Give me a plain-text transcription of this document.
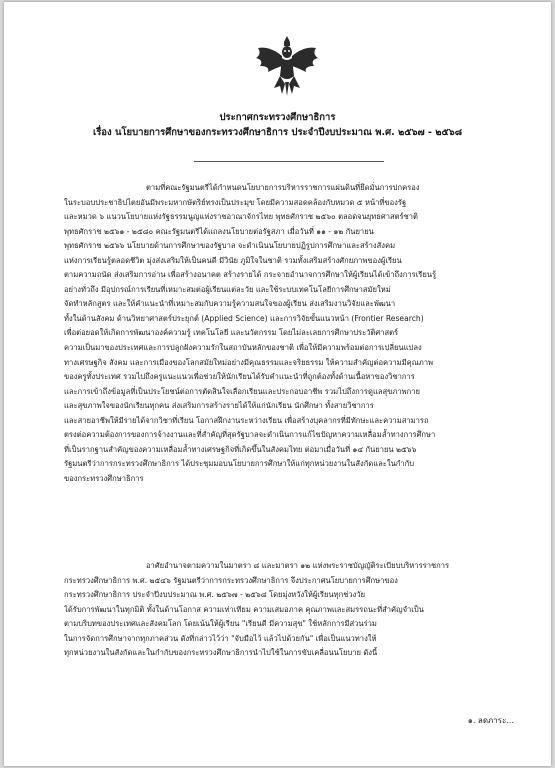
ประกาศกระทรวงศึกษาธิการ
เรื่อง นโยบายการศึกษาของกระทรวงศึกษาธิการ ประจำปีงบประมาณ พ.ศ. ๒๕๖๗ - ๒๕๖๘
ตามที่คณะรัฐมนตรีได้กำหนดนโยบายการบริหารราชการแผ่นดินที่ยึดมั่นการปกครอง
ในระบอบประชาธิปไตยอันมีพระมหากษัตริย์ทรงเป็นประมุข โดยมีความสอดคล้องกับหมวด ๕ หน้าที่ของรัฐ
และหมวด ๖ แนวนโยบายแห่งรัฐธรรมนูญแห่งราชอาณาจักรไทย พุทธศักราช ๒๕๖๐ ตลอดจนยุทธศาสตร์ชาติ
พุทธศักราช ๒๕๖๑ - ๒๕๘๐ คณะรัฐมนตรีได้แถลงนโยบายต่อรัฐสภา เมื่อวันที่ ๑๑ - ๑๒ กันยายน
พุทธศักราช ๒๕๖๖ นโยบายด้านการศึกษาของรัฐบาล จะดำเนินนโยบายปฏิรูปการศึกษาและสร้างสังคม
แห่งการเรียนรู้ตลอดชีวิต มุ่งส่งเสริมให้เป็นคนดี มีวินัย ภูมิใจในชาติ รวมทั้งเสริมสร้างศักยภาพของผู้เรียน
ตามความถนัด ส่งเสริมการอ่าน เพื่อสร้างอนาคต สร้างรายได้ กระจายอำนาจการศึกษาให้ผู้เรียนได้เข้าถึงการเรียนรู้
อย่างทั่วถึง มีอุปกรณ์การเรียนที่เหมาะสมต่อผู้เรียนแต่ละวัย และใช้ระบบเทคโนโลยีการศึกษาสมัยใหม่
จัดทำหลักสูตร และให้คำแนะนำที่เหมาะสมกับความรู้ความสนใจของผู้เรียน ส่งเสริมงานวิจัยและพัฒนา
ทั้งในด้านสังคม ด้านวิทยาศาสตร์ประยุกต์ (Applied Science) และการวิจัยขั้นแนวหน้า (Frontier Research)
เพื่อต่อยอดให้เกิดการพัฒนาองค์ความรู้ เทคโนโลยี และนวัตกรรม โดยไม่ละเลยการศึกษาประวัติศาสตร์
ความเป็นมาของประเทศและการปลูกฝังความรักในสถาบันหลักของชาติ เพื่อให้มีความพร้อมต่อการเปลี่ยนแปลง
ทางเศรษฐกิจ สังคม และการเมืองของโลกสมัยใหม่อย่างมีคุณธรรมและจริยธรรม ให้ความสำคัญต่อความมีคุณภาพ
ของครูทั้งประเทศ รวมไปถึงครูแนะแนวเพื่อช่วยให้นักเรียนได้รับคำแนะนำที่ถูกต้องทั้งด้านเนื้อหาของวิชาการ
และการเข้าถึงข้อมูลที่เป็นประโยชน์ต่อการตัดสินใจเลือกเรียนและประกอบอาชีพ รวมไปถึงการดูแลสุขภาพกาย
และสุขภาพใจของนักเรียนทุกคน ส่งเสริมการสร้างรายได้ให้แก่นักเรียน นักศึกษา ทั้งสายวิชาการ
และสายอาชีพให้มีรายได้จากวิชาที่เรียน โอกาสฝึกงานระหว่างเรียน เพื่อสร้างบุคลากรที่มีทักษะและความสามารถ
ตรงต่อความต้องการของการจ้างงานและที่สำคัญที่สุดรัฐบาลจะดำเนินการแก้ไขปัญหาความเหลื่อมล้ำทางการศึกษา
ที่เป็นรากฐานสำคัญของความเหลื่อมล้ำทางเศรษฐกิจที่เกิดขึ้นในสังคมไทย ต่อมาเมื่อวันที่ ๑๔ กันยายน ๒๕๖๖
รัฐมนตรีว่าการกระทรวงศึกษาธิการ ได้ประชุมมอบนโยบายการศึกษาให้แก่ทุกหน่วยงานในสังกัดและในกำกับ
ของกระทรวงศึกษาธิการ
อาศัยอำนาจตามความในมาตรา ๘ และมาตรา ๑๒ แห่งพระราชบัญญัติระเบียบบริหารราชการ
กระทรวงศึกษาธิการ พ.ศ. ๒๕๔๖ รัฐมนตรีว่าการกระทรวงศึกษาธิการ จึงประกาศนโยบายการศึกษาของ
กระทรวงศึกษาธิการ ประจำปีงบประมาณ พ.ศ. ๒๕๖๗ - ๒๕๖๘ โดยมุ่งหวังให้ผู้เรียนทุกช่วงวัย
ได้รับการพัฒนาในทุกมิติ ทั้งในด้านโอกาส ความเท่าเทียม ความเสมอภาค คุณภาพและสมรรถนะที่สำคัญจำเป็น
ตามบริบทของประเทศและสังคมโลก โดยเน้นให้ผู้เรียน "เรียนดี มีความสุข" ใช้หลักการมีส่วนร่วม
ในการจัดการศึกษาจากทุกภาคส่วน ดังที่กล่าวไว้ว่า "จับมือไว้ แล้วไปด้วยกัน" เพื่อเป็นแนวทางให้
ทุกหน่วยงานในสังกัดและในกำกับของกระทรวงศึกษาธิการนำไปใช้ในการขับเคลื่อนนโยบาย ดังนี้
๑. ลดภาระ...
